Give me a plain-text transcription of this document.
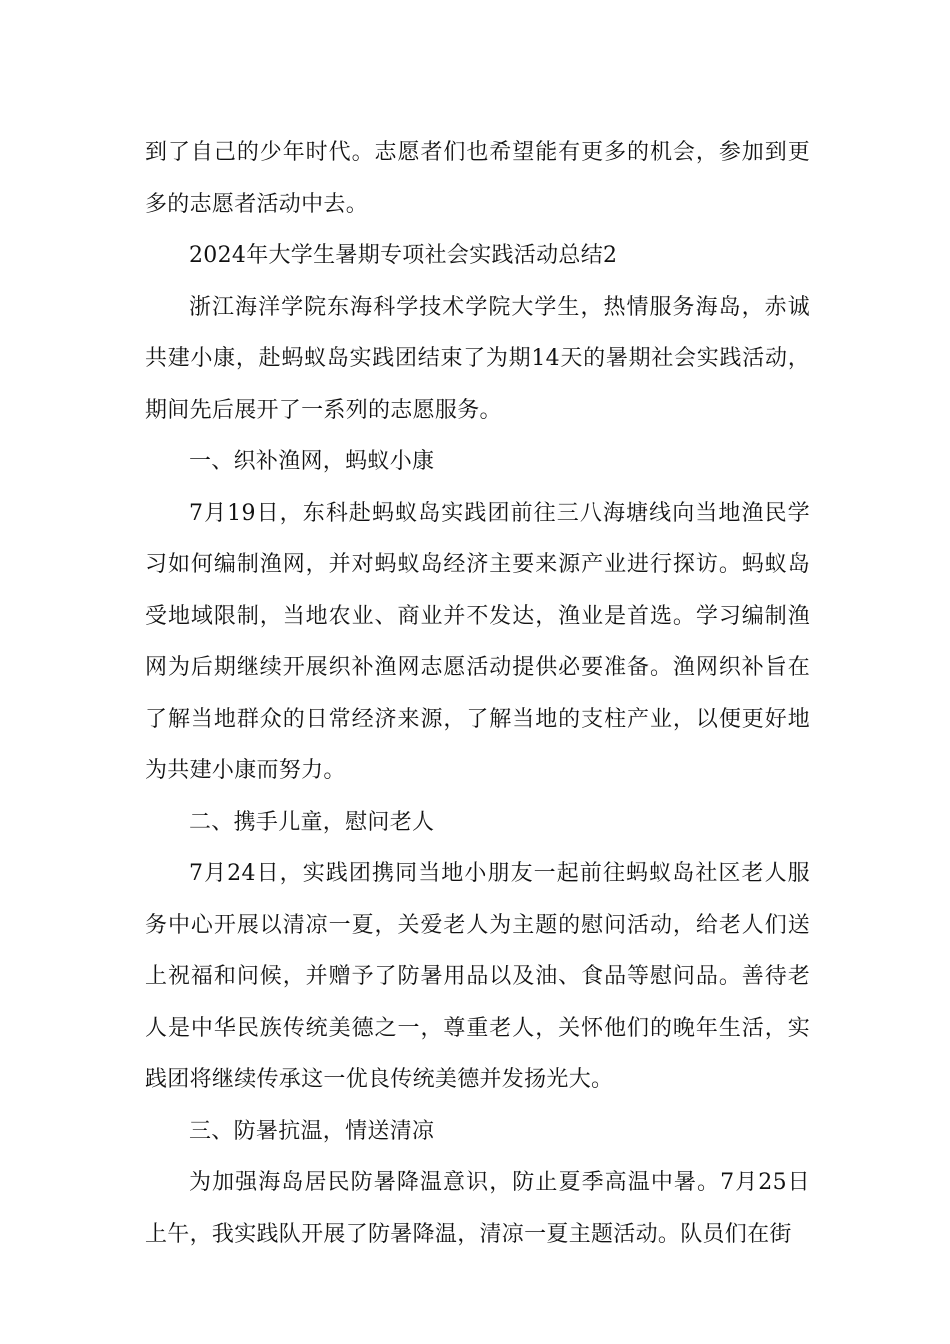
到了自己的少年时代。志愿者们也希望能有更多的机会，参加到更多的志愿者活动中去。

2024年大学生暑期专项社会实践活动总结2

浙江海洋学院东海科学技术学院大学生，热情服务海岛，赤诚共建小康，赴蚂蚁岛实践团结束了为期14天的暑期社会实践活动，期间先后展开了一系列的志愿服务。

一、织补渔网，蚂蚁小康

7月19日，东科赴蚂蚁岛实践团前往三八海塘线向当地渔民学习如何编制渔网，并对蚂蚁岛经济主要来源产业进行探访。蚂蚁岛受地域限制，当地农业、商业并不发达，渔业是首选。学习编制渔网为后期继续开展织补渔网志愿活动提供必要准备。渔网织补旨在了解当地群众的日常经济来源，了解当地的支柱产业，以便更好地为共建小康而努力。

二、携手儿童，慰问老人

7月24日，实践团携同当地小朋友一起前往蚂蚁岛社区老人服务中心开展以清凉一夏，关爱老人为主题的慰问活动，给老人们送上祝福和问候，并赠予了防暑用品以及油、食品等慰问品。善待老人是中华民族传统美德之一，尊重老人，关怀他们的晚年生活，实践团将继续传承这一优良传统美德并发扬光大。

三、防暑抗温，情送清凉

为加强海岛居民防暑降温意识，防止夏季高温中暑。7月25日上午，我实践队开展了防暑降温，清凉一夏主题活动。队员们在街
